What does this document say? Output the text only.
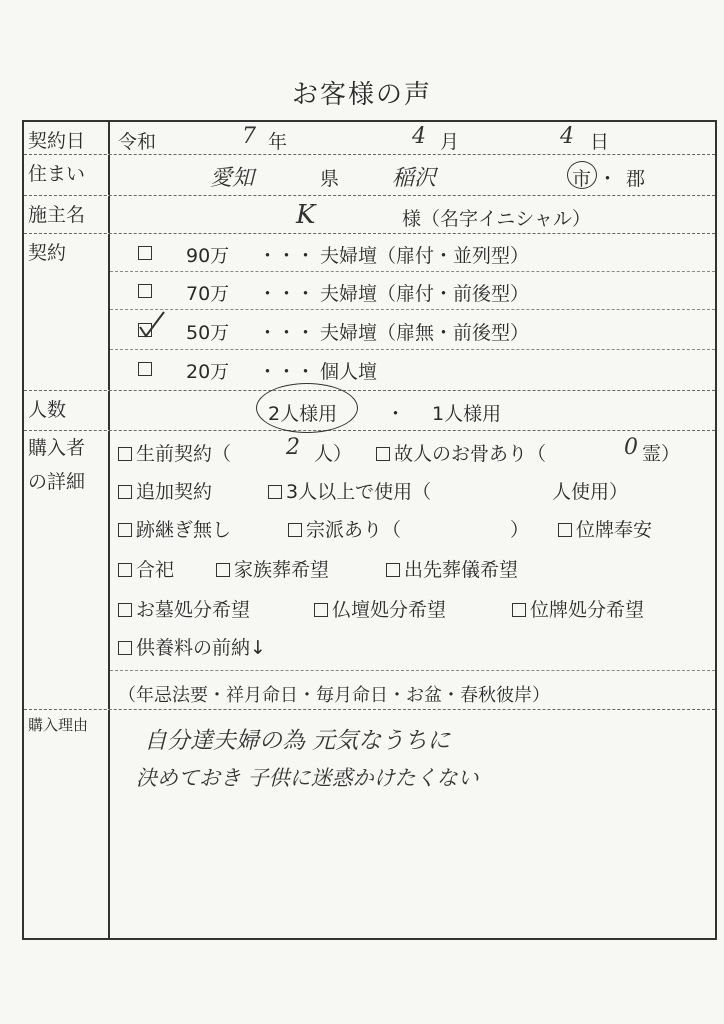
お客様の声
契約日	令和	7 年	4 月	4 日
住まい	愛知	県 稲沢	市 ・ 郡
施主名	K	様（名字イニシャル）
契約	90万 ・・・ 夫婦壇（扉付・並列型）
70万 ・・・ 夫婦壇（扉付・前後型）
50万 ・・・ 夫婦壇（扉無・前後型）
20万 ・・・ 個人壇
人数	2人様用	・ 1人様用
購入者
の詳細
生前契約（ 2 人）	故人のお骨あり（	0 霊）
追加契約	3人以上で使用（	人使用）
跡継ぎ無し	宗派あり（	）	位牌奉安
合祀	家族葬希望	出先葬儀希望
お墓処分希望	仏壇処分希望	位牌処分希望
供養料の前納↓
（年忌法要・祥月命日・毎月命日・お盆・春秋彼岸）
購入理由
自分達夫婦の為 元気なうちに
決めておき 子供に迷惑かけたくない
